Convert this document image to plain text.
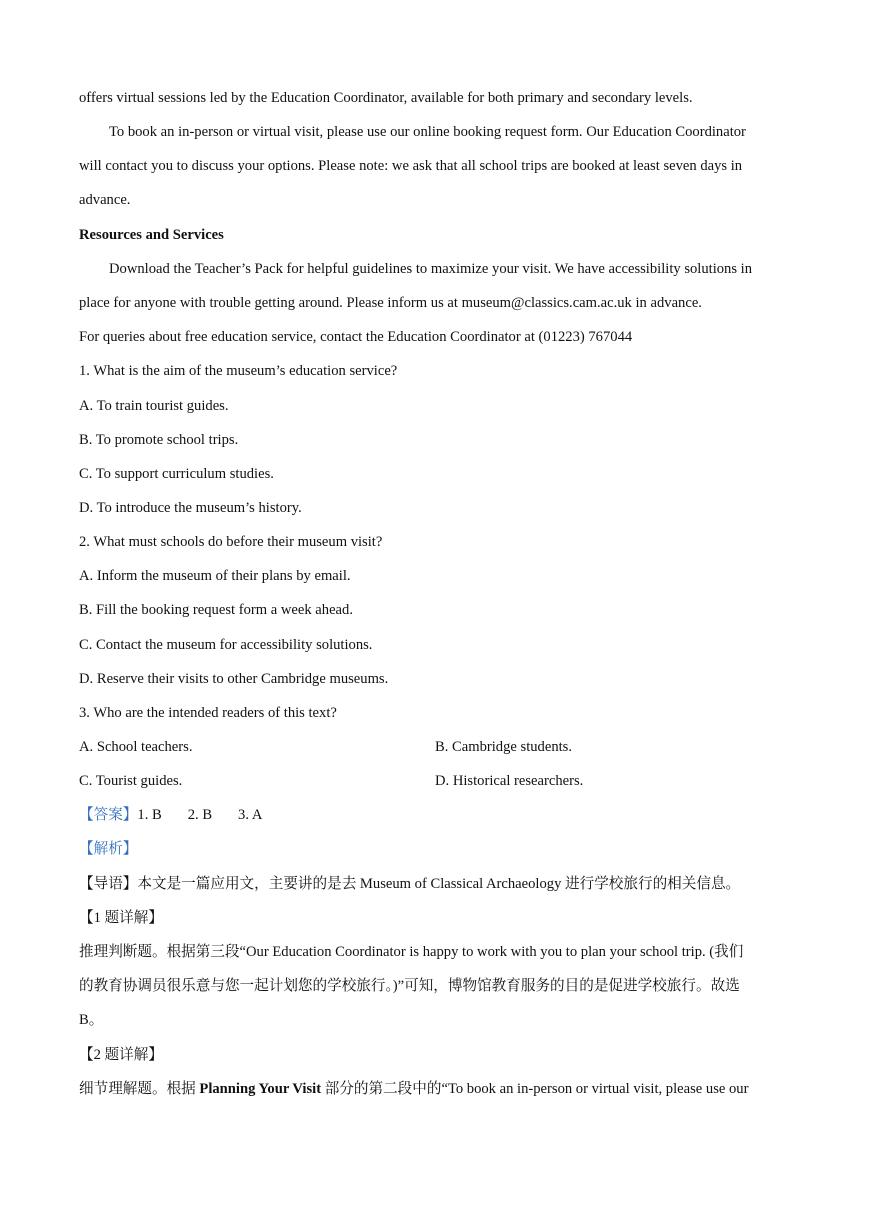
offers virtual sessions led by the Education Coordinator, available for both primary and secondary levels.
To book an in-person or virtual visit, please use our online booking request form. Our Education Coordinator
will contact you to discuss your options. Please note: we ask that all school trips are booked at least seven days in
advance.
Resources and Services
Download the Teacher’s Pack for helpful guidelines to maximize your visit. We have accessibility solutions in
place for anyone with trouble getting around. Please inform us at museum@classics.cam.ac.uk in advance.
For queries about free education service, contact the Education Coordinator at (01223) 767044
1. What is the aim of the museum’s education service?
A. To train tourist guides.
B. To promote school trips.
C. To support curriculum studies.
D. To introduce the museum’s history.
2. What must schools do before their museum visit?
A. Inform the museum of their plans by email.
B. Fill the booking request form a week ahead.
C. Contact the museum for accessibility solutions.
D. Reserve their visits to other Cambridge museums.
3. Who are the intended readers of this text?
A. School teachers.	B. Cambridge students.
C. Tourist guides.	D. Historical researchers.
【答案】1. B 2. B 3. A
【解析】
【导语】本文是一篇应用文，主要讲的是去 Museum of Classical Archaeology 进行学校旅行的相关信息。
【1 题详解】
推理判断题。根据第三段“Our Education Coordinator is happy to work with you to plan your school trip. (我们
的教育协调员很乐意与您一起计划您的学校旅行。)”可知，博物馆教育服务的目的是促进学校旅行。故选
B。
【2 题详解】
细节理解题。根据 Planning Your Visit 部分的第二段中的“To book an in-person or virtual visit, please use our
